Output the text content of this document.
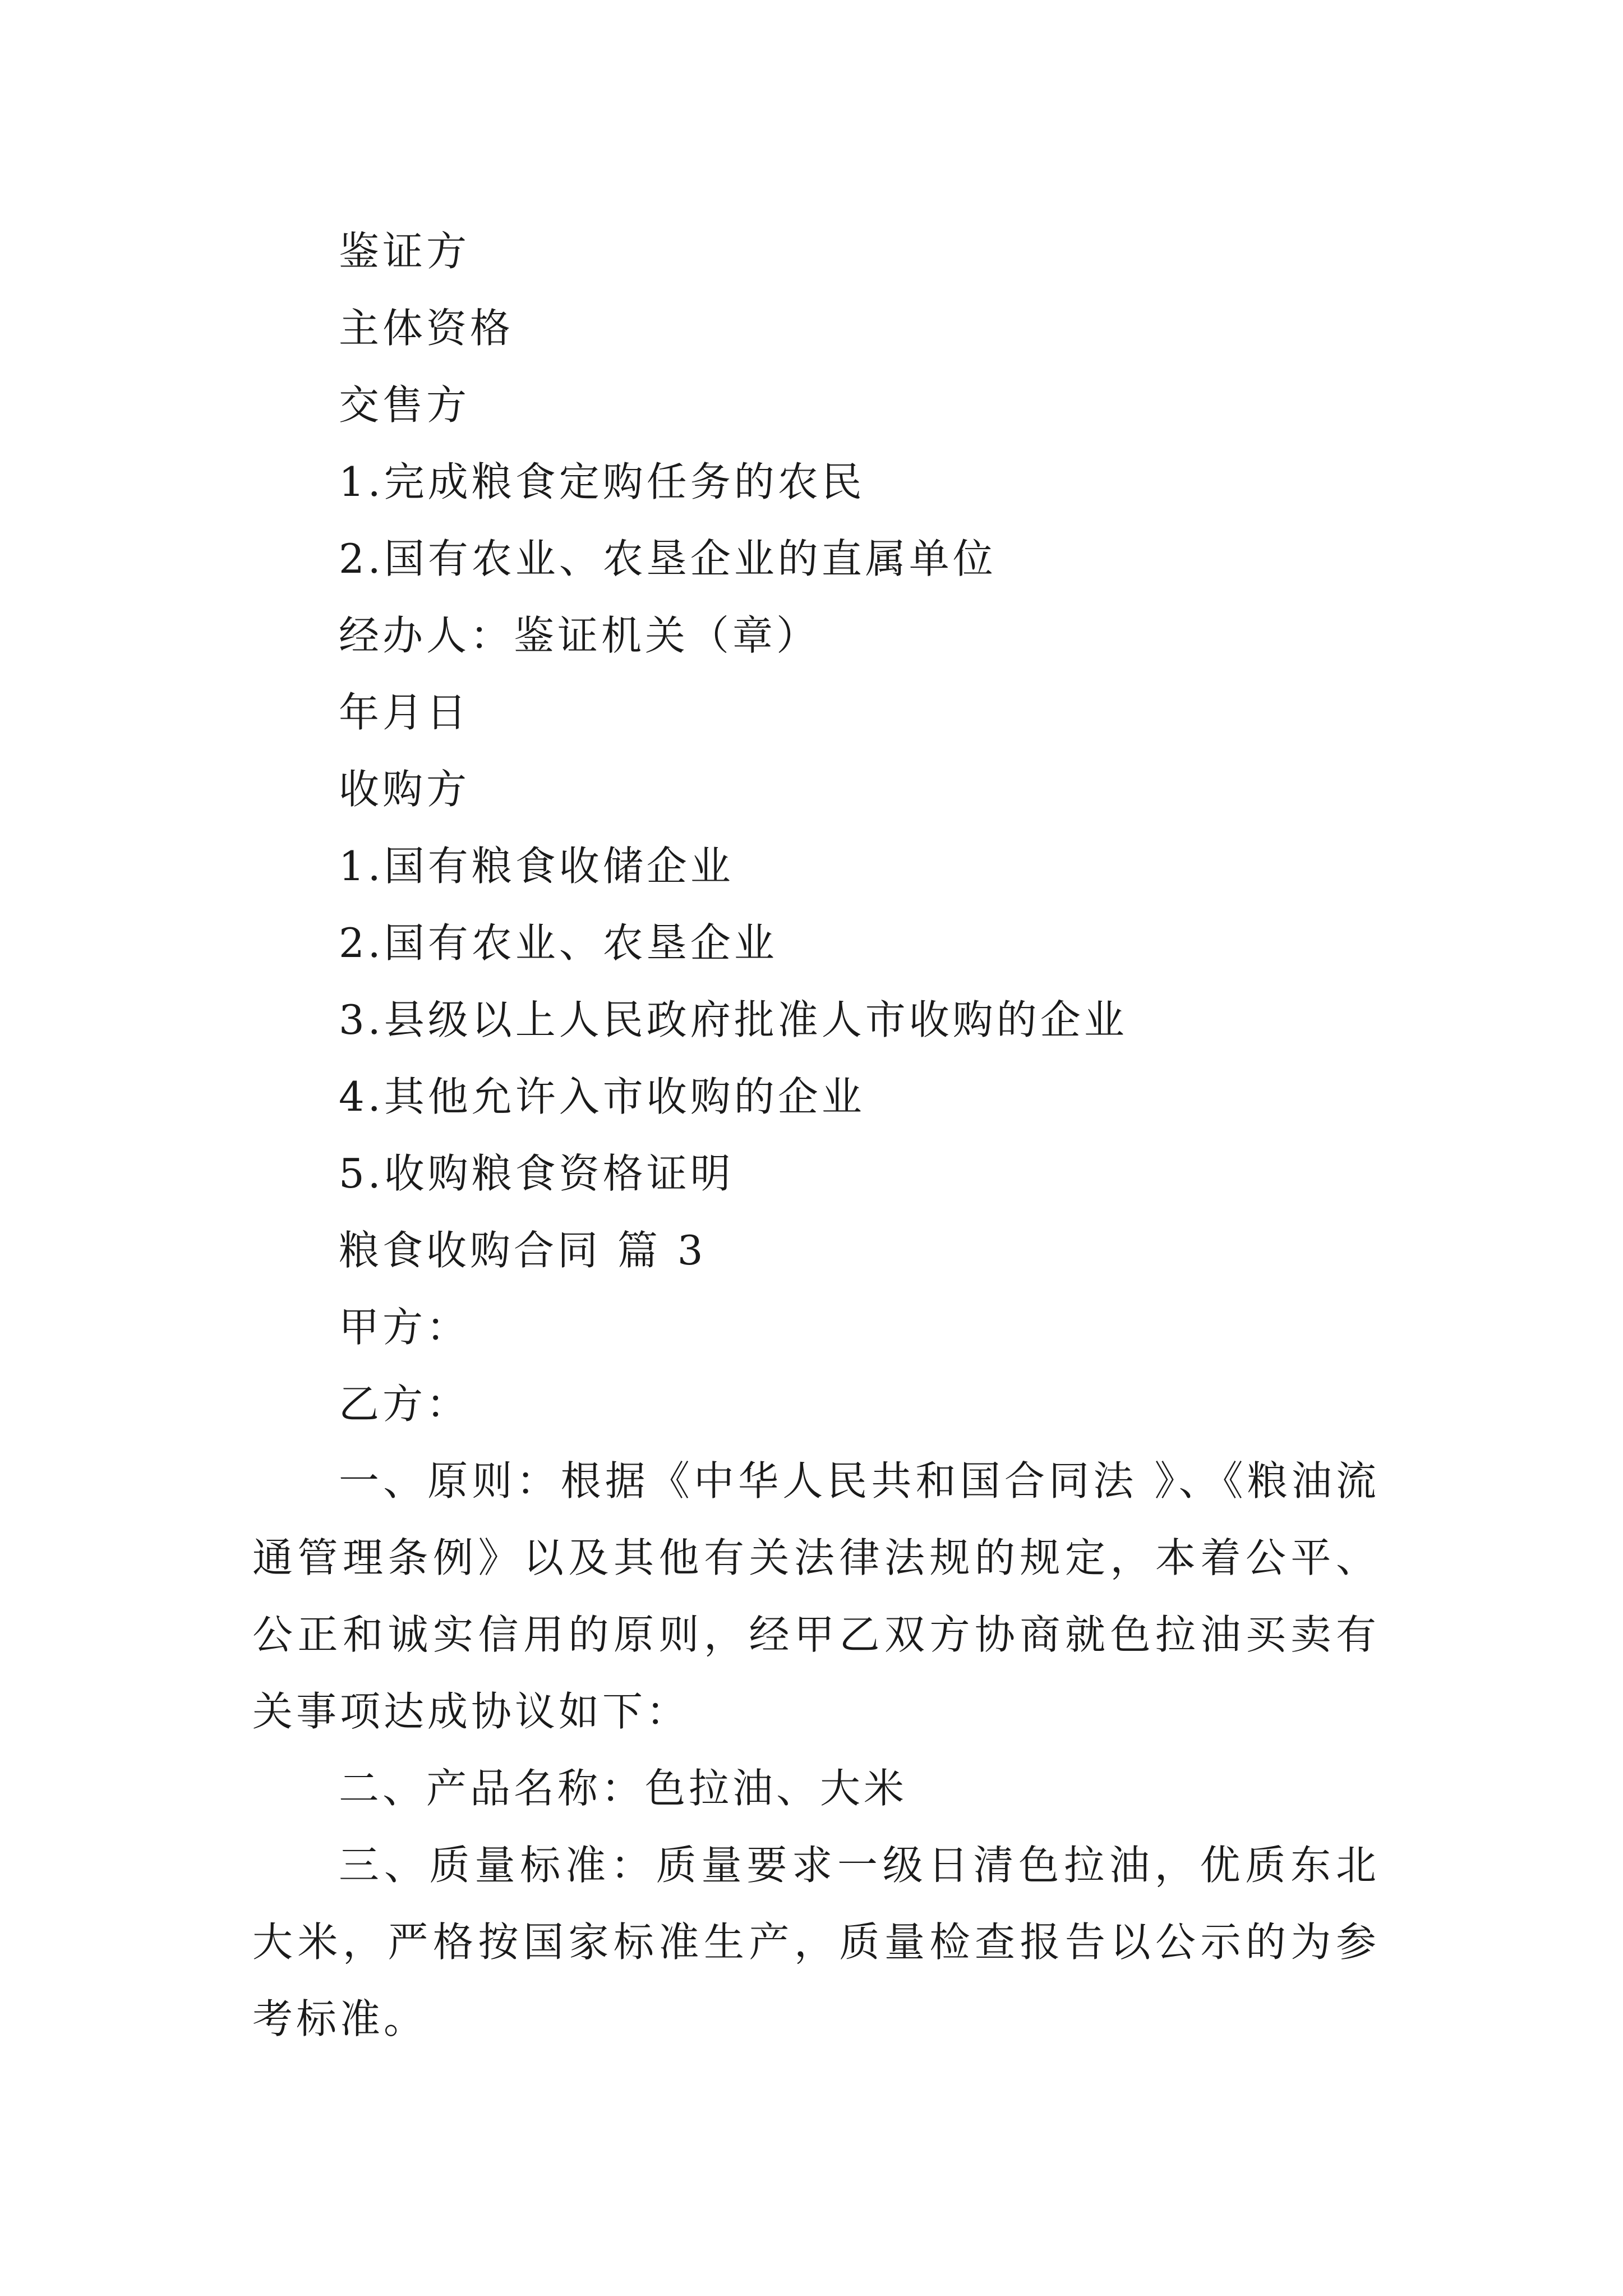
鉴证方
主体资格
交售方
1.完成粮食定购任务的农民
2.国有农业、农垦企业的直属单位
经办人：鉴证机关（章）
年月日
收购方
1.国有粮食收储企业
2.国有农业、农垦企业
3.县级以上人民政府批准人市收购的企业
4.其他允许入市收购的企业
5.收购粮食资格证明
粮食收购合同 篇 3
甲方：
乙方：
一、原则：根据《中华人民共和国合同法 》、《粮油流通管理条例》以及其他有关法律法规的规定，本着公平、公正和诚实信用的原则，经甲乙双方协商就色拉油买卖有关事项达成协议如下：
二、产品名称：色拉油、大米
三、质量标准：质量要求一级日清色拉油，优质东北大米，严格按国家标准生产，质量检查报告以公示的为参考标准。
